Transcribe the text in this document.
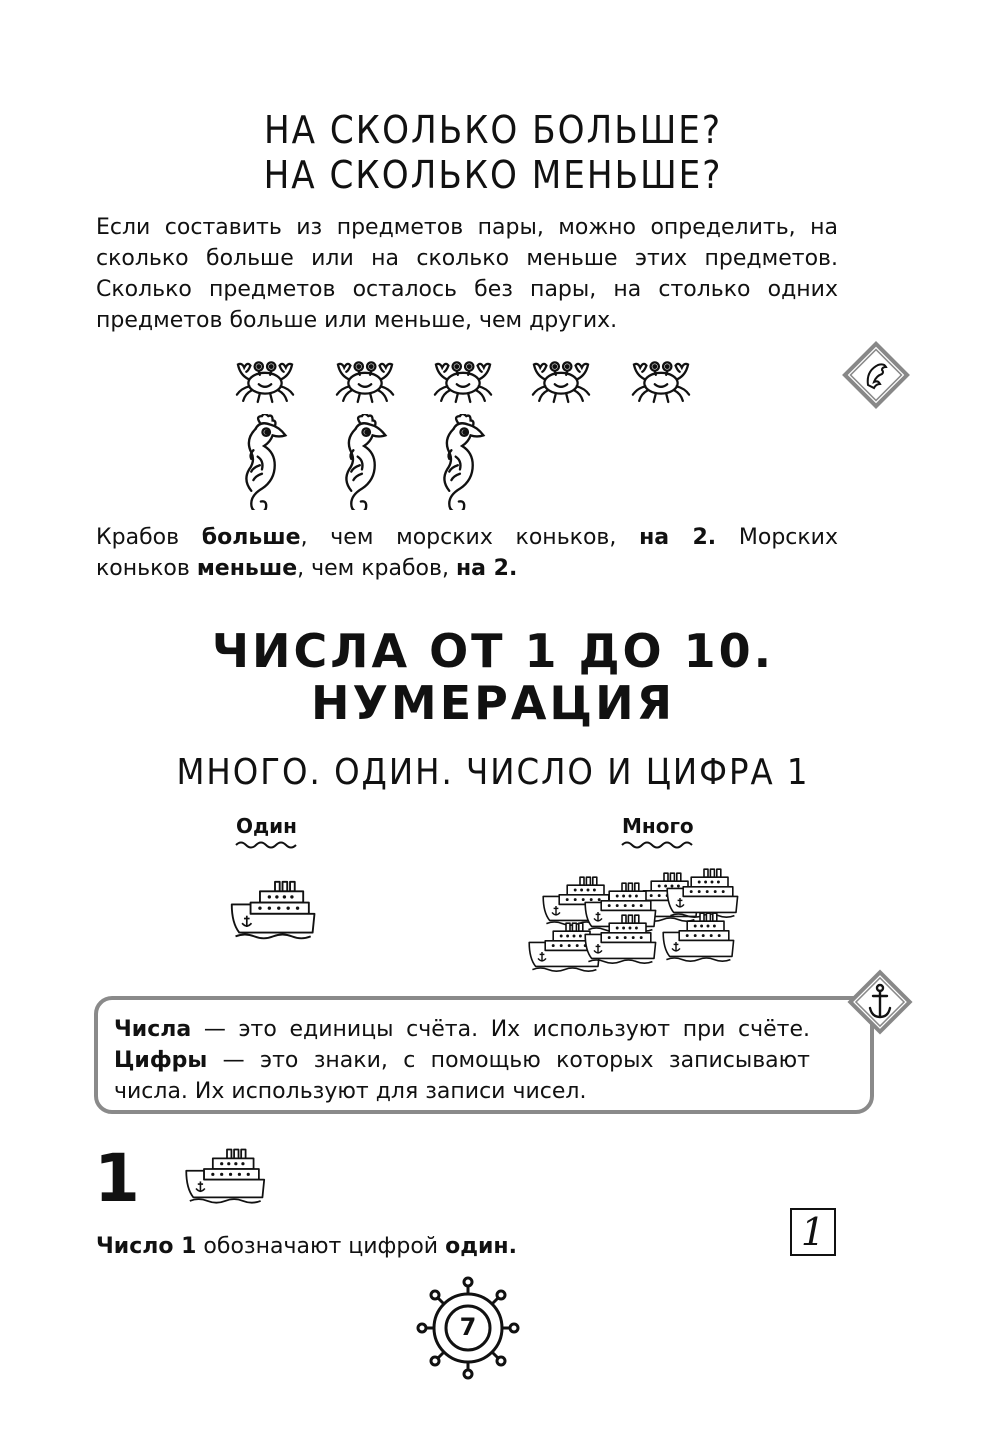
НА СКОЛЬКО БОЛЬШЕ?
НА СКОЛЬКО МЕНЬШЕ?
Если составить из предметов пары, можно определить, на
сколько больше или на сколько меньше этих предметов.
Сколько предметов осталось без пары, на столько одних
предметов больше или меньше, чем других.
Крабов больше, чем морских коньков, на 2. Морских
коньков меньше, чем крабов, на 2.
ЧИСЛА ОТ 1 ДО 10.
НУМЕРАЦИЯ
МНОГО. ОДИН. ЧИСЛО И ЦИФРА 1
Один	Много
Числа — это единицы счёта. Их используют при счёте.
Цифры — это знаки, с помощью которых записывают
числа. Их используют для записи чисел.
1
1
Число 1 обозначают цифрой один.
7
